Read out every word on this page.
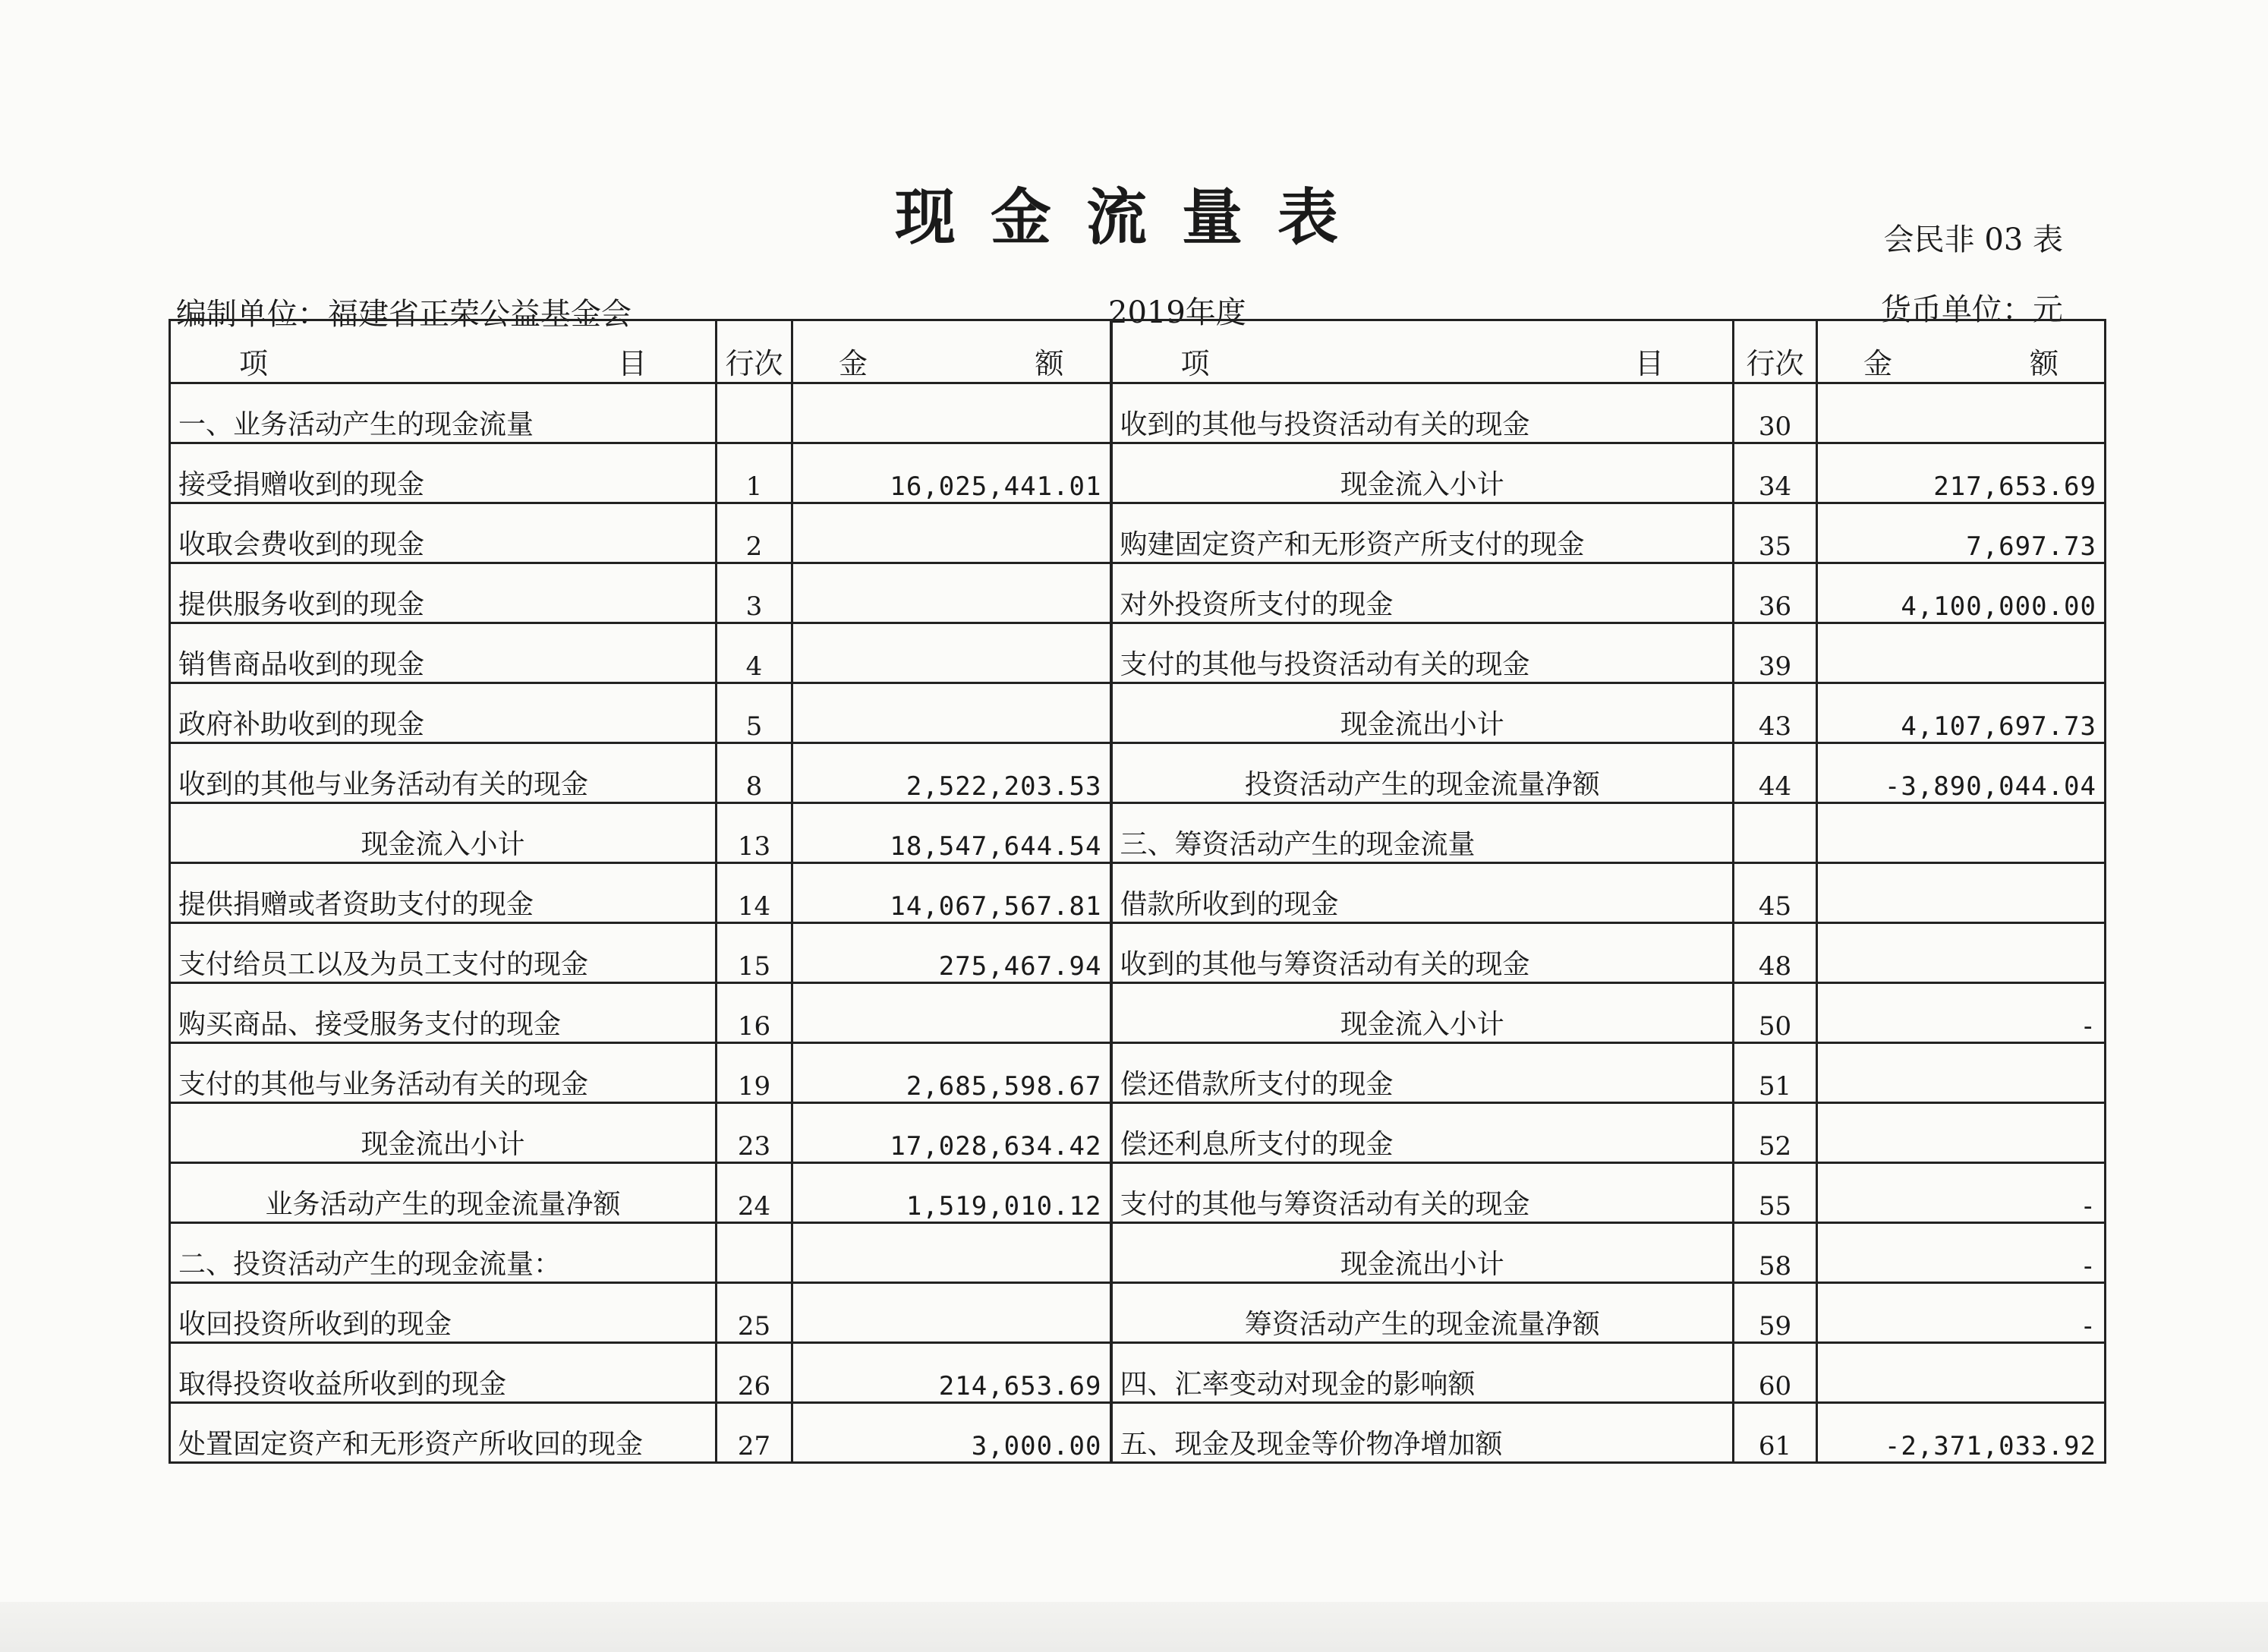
现金流量表	会民非 03 表
编制单位：福建省正荣公益基金会	2019年度	货币单位：元
项 目	行次	金 额	项 目	行次	金 额

一、业务活动产生的现金流量			收到的其他与投资活动有关的现金	30	
接受捐赠收到的现金	1	16,025,441.01	现金流入小计	34	217,653.69
收取会费收到的现金	2		购建固定资产和无形资产所支付的现金	35	7,697.73
提供服务收到的现金	3		对外投资所支付的现金	36	4,100,000.00
销售商品收到的现金	4		支付的其他与投资活动有关的现金	39	
政府补助收到的现金	5		现金流出小计	43	4,107,697.73
收到的其他与业务活动有关的现金	8	2,522,203.53	投资活动产生的现金流量净额	44	-3,890,044.04
现金流入小计	13	18,547,644.54	三、筹资活动产生的现金流量		
提供捐赠或者资助支付的现金	14	14,067,567.81	借款所收到的现金	45	
支付给员工以及为员工支付的现金	15	275,467.94	收到的其他与筹资活动有关的现金	48	
购买商品、接受服务支付的现金	16		现金流入小计	50	-
支付的其他与业务活动有关的现金	19	2,685,598.67	偿还借款所支付的现金	51	
现金流出小计	23	17,028,634.42	偿还利息所支付的现金	52	
业务活动产生的现金流量净额	24	1,519,010.12	支付的其他与筹资活动有关的现金	55	-
二、投资活动产生的现金流量：			现金流出小计	58	-
收回投资所收到的现金	25		筹资活动产生的现金流量净额	59	-
取得投资收益所收到的现金	26	214,653.69	四、汇率变动对现金的影响额	60	
处置固定资产和无形资产所收回的现金	27	3,000.00	五、现金及现金等价物净增加额	61	-2,371,033.92
